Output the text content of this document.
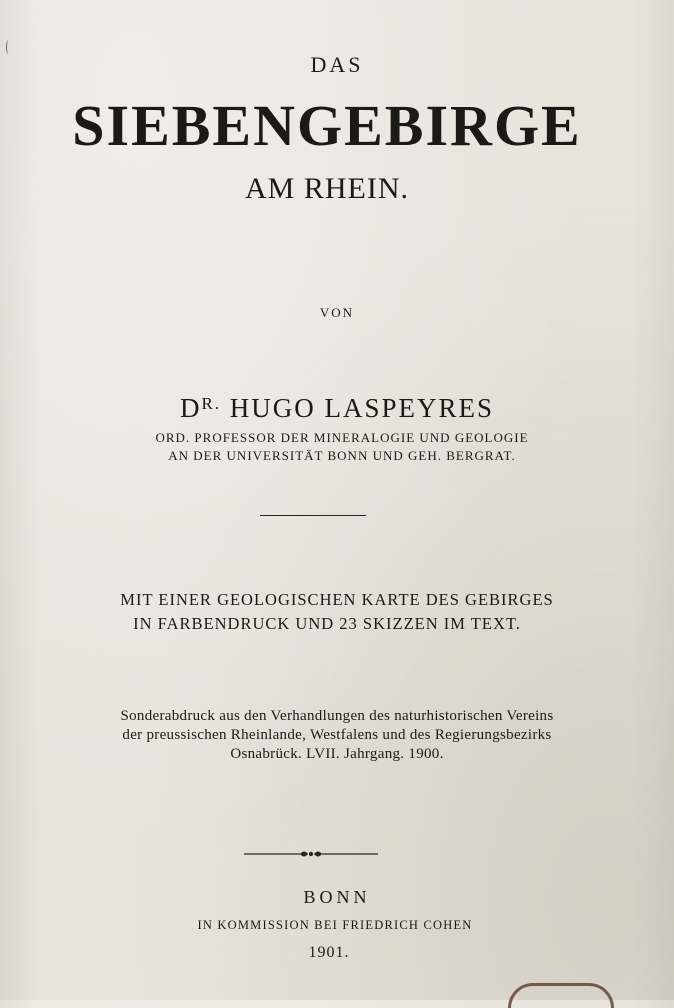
DAS
SIEBENGEBIRGE
AM RHEIN.
VON
$D^{R.}$ HUGO LASPEYRES
ORD. PROFESSOR DER MINERALOGIE UND GEOLOGIE
AN DER UNIVERSITÄT BONN UND GEH. BERGRAT.
MIT EINER GEOLOGISCHEN KARTE DES GEBIRGES
IN FARBENDRUCK UND 23 SKIZZEN IM TEXT.
Sonderabdruck aus den Verhandlungen des naturhistorischen Vereins
der preussischen Rheinlande, Westfalens und des Regierungsbezirks
Osnabrück. LVII. Jahrgang. 1900.
BONN
IN KOMMISSION BEI FRIEDRICH COHEN
1901.
